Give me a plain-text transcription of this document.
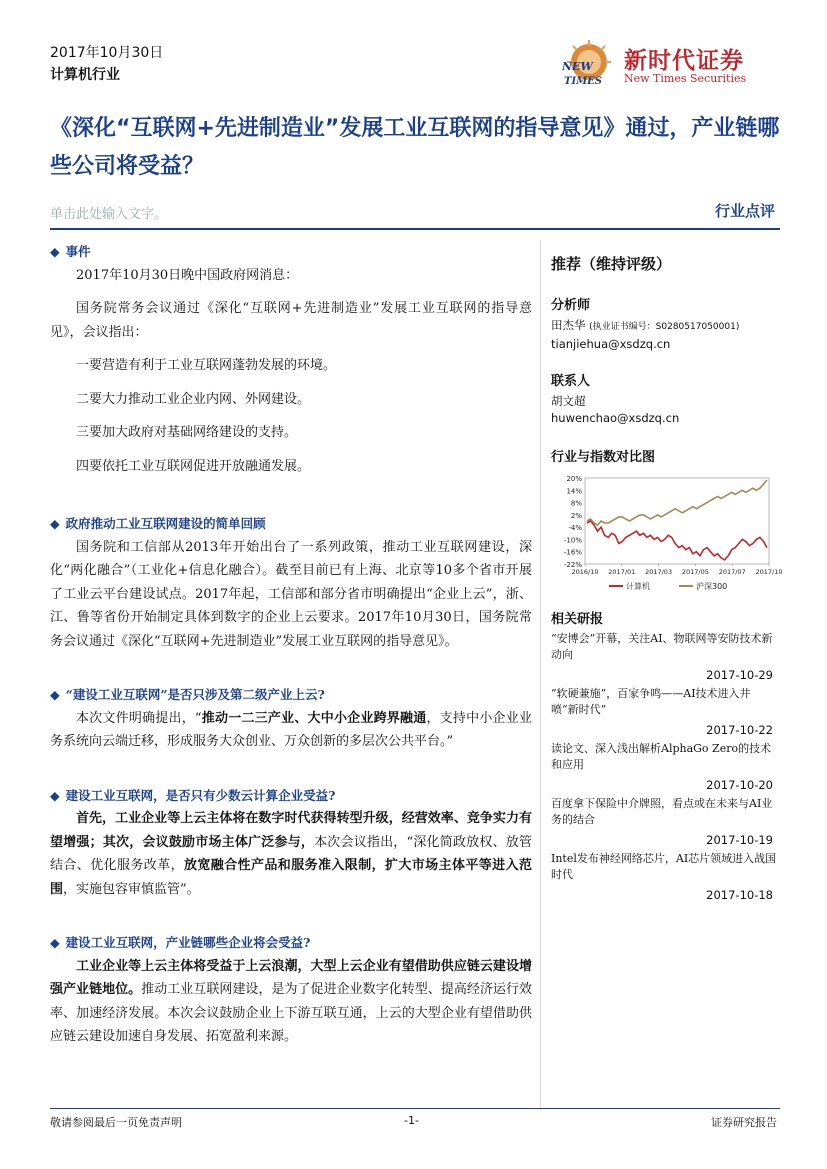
2017年10月30日
计算机行业
NEW
TIMES
新时代证券
New Times Securities
《深化“互联网+先进制造业”发展工业互联网的指导意见》通过，产业链哪些公司将受益？
单击此处输入文字。	行业点评

◆ 事件

2017年10月30日晚中国政府网消息：

国务院常务会议通过《深化“互联网+先进制造业”发展工业互联网的指导意见》，会议指出：

一要营造有利于工业互联网蓬勃发展的环境。

二要大力推动工业企业内网、外网建设。

三要加大政府对基础网络建设的支持。

四要依托工业互联网促进开放融通发展。

◆ 政府推动工业互联网建设的简单回顾

国务院和工信部从2013年开始出台了一系列政策，推动工业互联网建设，深化“两化融合”（工业化+信息化融合）。截至目前已有上海、北京等10多个省市开展了工业云平台建设试点。2017年起，工信部和部分省市明确提出“企业上云”，浙、江、鲁等省份开始制定具体到数字的企业上云要求。2017年10月30日，国务院常务会议通过《深化“互联网+先进制造业”发展工业互联网的指导意见》。

◆ “建设工业互联网”是否只涉及第二级产业上云?

本次文件明确提出，“推动一二三产业、大中小企业跨界融通，支持中小企业业务系统向云端迁移，形成服务大众创业、万众创新的多层次公共平台。”

◆ 建设工业互联网，是否只有少数云计算企业受益?

首先，工业企业等上云主体将在数字时代获得转型升级，经营效率、竞争实力有望增强；其次，会议鼓励市场主体广泛参与，本次会议指出，“深化简政放权、放管结合、优化服务改革，放宽融合性产品和服务准入限制，扩大市场主体平等进入范围，实施包容审慎监管”。

◆ 建设工业互联网，产业链哪些企业将会受益?

工业企业等上云主体将受益于上云浪潮，大型上云企业有望借助供应链云建设增强产业链地位。推动工业互联网建设，是为了促进企业数字化转型、提高经济运行效率、加速经济发展。本次会议鼓励企业上下游互联互通，上云的大型企业有望借助供应链云建设加速自身发展、拓宽盈利来源。

推荐（维持评级）
分析师
田杰华 (执业证书编号：S0280517050001)
tianjiehua@xsdzq.cn
联系人
胡文超
huwenchao@xsdzq.cn
行业与指数对比图
20%
14%
8%
2%
-4%
-10%
-16%
-22%
2016/10 2017/01 2017/03 2017/05 2017/07 2017/10
计算机	沪深300
相关研报
“安博会”开幕，关注AI、物联网等安防技术新动向
2017-10-29
”软硬兼施”，百家争鸣——AI技术进入井喷“新时代”
2017-10-22
读论文、深入浅出解析AlphaGo Zero的技术和应用
2017-10-20
百度拿下保险中介牌照，看点或在未来与AI业务的结合
2017-10-19
Intel发布神经网络芯片，AI芯片领域进入战国时代
2017-10-18
敬请参阅最后一页免责声明	-1-	证券研究报告
